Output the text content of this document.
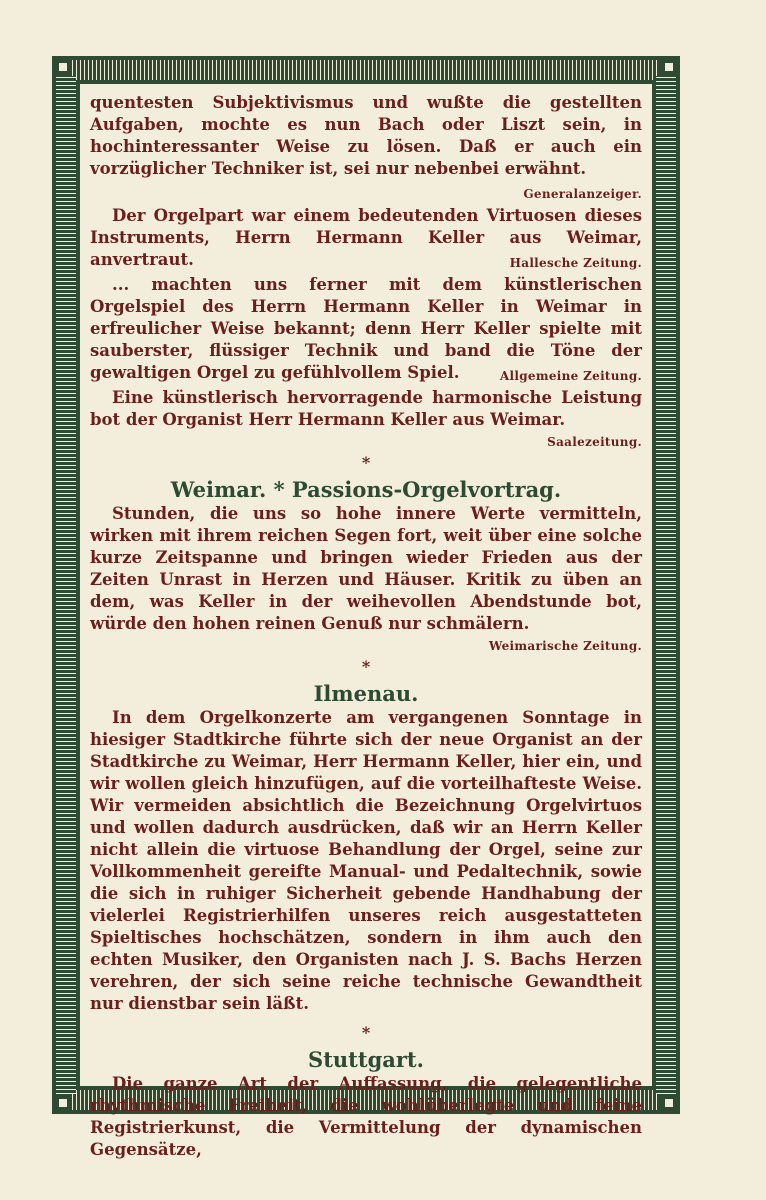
quentesten Subjektivismus und wußte die gestellten Aufgaben, mochte es nun Bach oder Liszt sein, in hochinteressanter Weise zu lösen. Daß er auch ein vorzüglicher Techniker ist, sei nur nebenbei erwähnt.
Generalanzeiger.

Der Orgelpart war einem bedeutenden Virtuosen dieses Instruments, Herrn Hermann Keller aus Weimar, anvertraut.	Hallesche Zeitung.

... machten uns ferner mit dem künstlerischen Orgelspiel des Herrn Hermann Keller in Weimar in erfreulicher Weise bekannt; denn Herr Keller spielte mit sauberster, flüssiger Technik und band die Töne der gewaltigen Orgel zu gefühlvollem Spiel.	Allgemeine Zeitung.

Eine künstlerisch hervorragende harmonische Leistung bot der Organist Herr Hermann Keller aus Weimar.

Saalezeitung.
*
Weimar. * Passions-Orgelvortrag.

Stunden, die uns so hohe innere Werte vermitteln, wirken mit ihrem reichen Segen fort, weit über eine solche kurze Zeitspanne und bringen wieder Frieden aus der Zeiten Unrast in Herzen und Häuser. Kritik zu üben an dem, was Keller in der weihevollen Abendstunde bot, würde den hohen reinen Genuß nur schmälern.

Weimarische Zeitung.
*
Ilmenau.

In dem Orgelkonzerte am vergangenen Sonntage in hiesiger Stadtkirche führte sich der neue Organist an der Stadtkirche zu Weimar, Herr Hermann Keller, hier ein, und wir wollen gleich hinzufügen, auf die vorteilhafteste Weise. Wir vermeiden absichtlich die Bezeichnung Orgelvirtuos und wollen dadurch ausdrücken, daß wir an Herrn Keller nicht allein die virtuose Behandlung der Orgel, seine zur Vollkommenheit gereifte Manual- und Pedaltechnik, sowie die sich in ruhiger Sicherheit gebende Handhabung der vielerlei Registrierhilfen unseres reich ausgestatteten Spieltisches hochschätzen, sondern in ihm auch den echten Musiker, den Organisten nach J. S. Bachs Herzen verehren, der sich seine reiche technische Gewandtheit nur dienstbar sein läßt.

*
Stuttgart.

Die ganze Art der Auffassung, die gelegentliche rhythmische Freiheit, die wohlüberlegte und feine Registrierkunst, die Vermittelung der dynamischen Gegensätze,
